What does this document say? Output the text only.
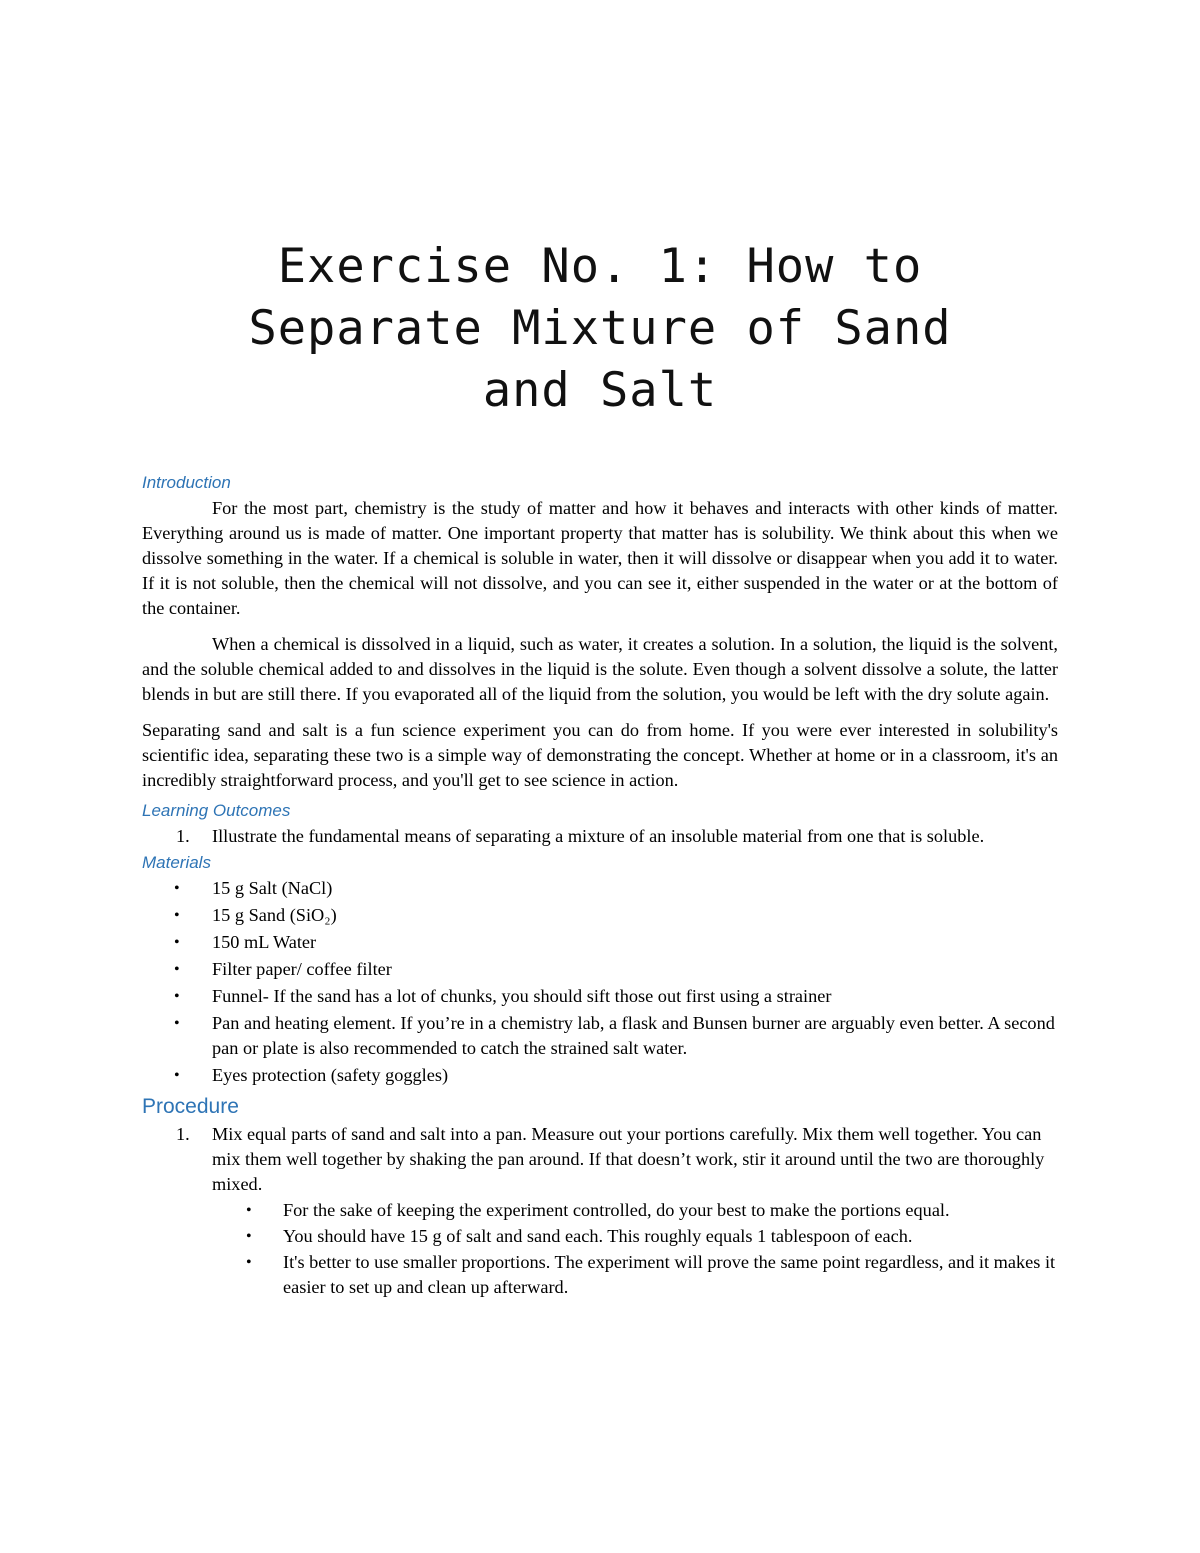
Exercise No. 1: How to
Separate Mixture of Sand
and Salt
Introduction

For the most part, chemistry is the study of matter and how it behaves and interacts with other kinds of matter. Everything around us is made of matter. One important property that matter has is solubility. We think about this when we dissolve something in the water. If a chemical is soluble in water, then it will dissolve or disappear when you add it to water. If it is not soluble, then the chemical will not dissolve, and you can see it, either suspended in the water or at the bottom of the container.

When a chemical is dissolved in a liquid, such as water, it creates a solution. In a solution, the liquid is the solvent, and the soluble chemical added to and dissolves in the liquid is the solute. Even though a solvent dissolve a solute, the latter blends in but are still there. If you evaporated all of the liquid from the solution, you would be left with the dry solute again.

Separating sand and salt is a fun science experiment you can do from home. If you were ever interested in solubility's scientific idea, separating these two is a simple way of demonstrating the concept. Whether at home or in a classroom, it's an incredibly straightforward process, and you'll get to see science in action.

Learning Outcomes
1. Illustrate the fundamental means of separating a mixture of an insoluble material from one that is soluble.
Materials
• 15 g Salt (NaCl)
• 15 g Sand (SiO₂)
• 150 mL Water
• Filter paper/ coffee filter
• Funnel- If the sand has a lot of chunks, you should sift those out first using a strainer
• Pan and heating element. If you’re in a chemistry lab, a flask and Bunsen burner are arguably even better. A second pan or plate is also recommended to catch the strained salt water.
• Eyes protection (safety goggles)
Procedure
1. Mix equal parts of sand and salt into a pan. Measure out your portions carefully. Mix them well together. You can mix them well together by shaking the pan around. If that doesn’t work, stir it around until the two are thoroughly mixed.
• For the sake of keeping the experiment controlled, do your best to make the portions equal.
• You should have 15 g of salt and sand each. This roughly equals 1 tablespoon of each.
• It's better to use smaller proportions. The experiment will prove the same point regardless, and it makes it easier to set up and clean up afterward.
